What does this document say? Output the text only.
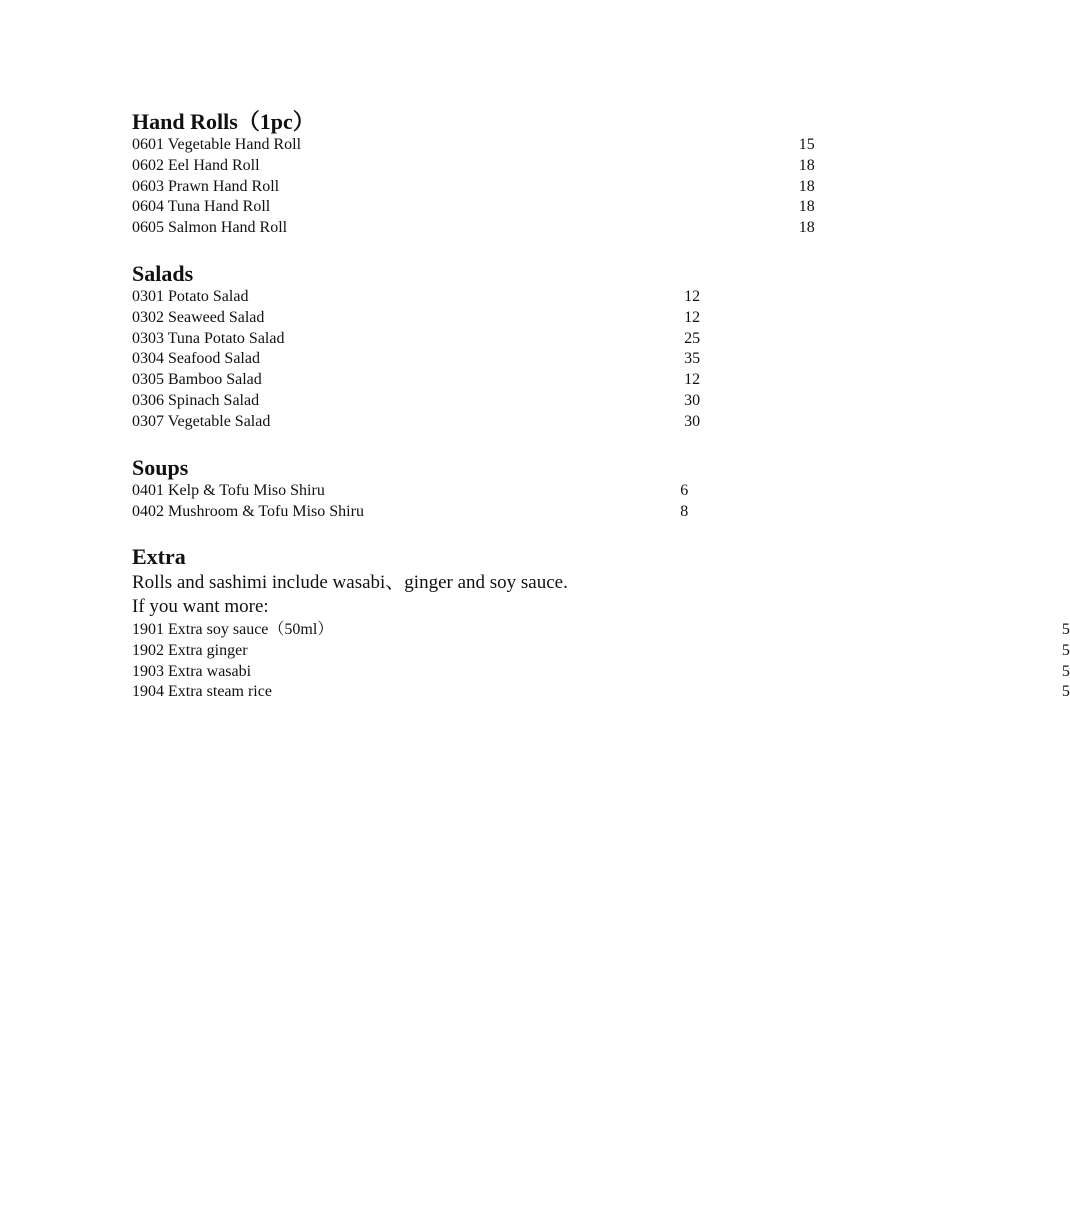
Hand Rolls（1pc）
0601 Vegetable Hand Roll	15
0602 Eel Hand Roll	18
0603 Prawn Hand Roll	18
0604 Tuna Hand Roll	18
0605 Salmon Hand Roll	18
Salads
0301 Potato Salad	12
0302 Seaweed Salad	12
0303 Tuna Potato Salad	25
0304 Seafood Salad	35
0305 Bamboo Salad	12
0306 Spinach Salad	30
0307 Vegetable Salad	30
Soups
0401 Kelp & Tofu Miso Shiru	6
0402 Mushroom & Tofu Miso Shiru	8
Extra
Rolls and sashimi include wasabi、ginger and soy sauce.
If you want more:
1901 Extra soy sauce（50ml）	5
1902 Extra ginger	5
1903 Extra wasabi	5
1904 Extra steam rice	5
